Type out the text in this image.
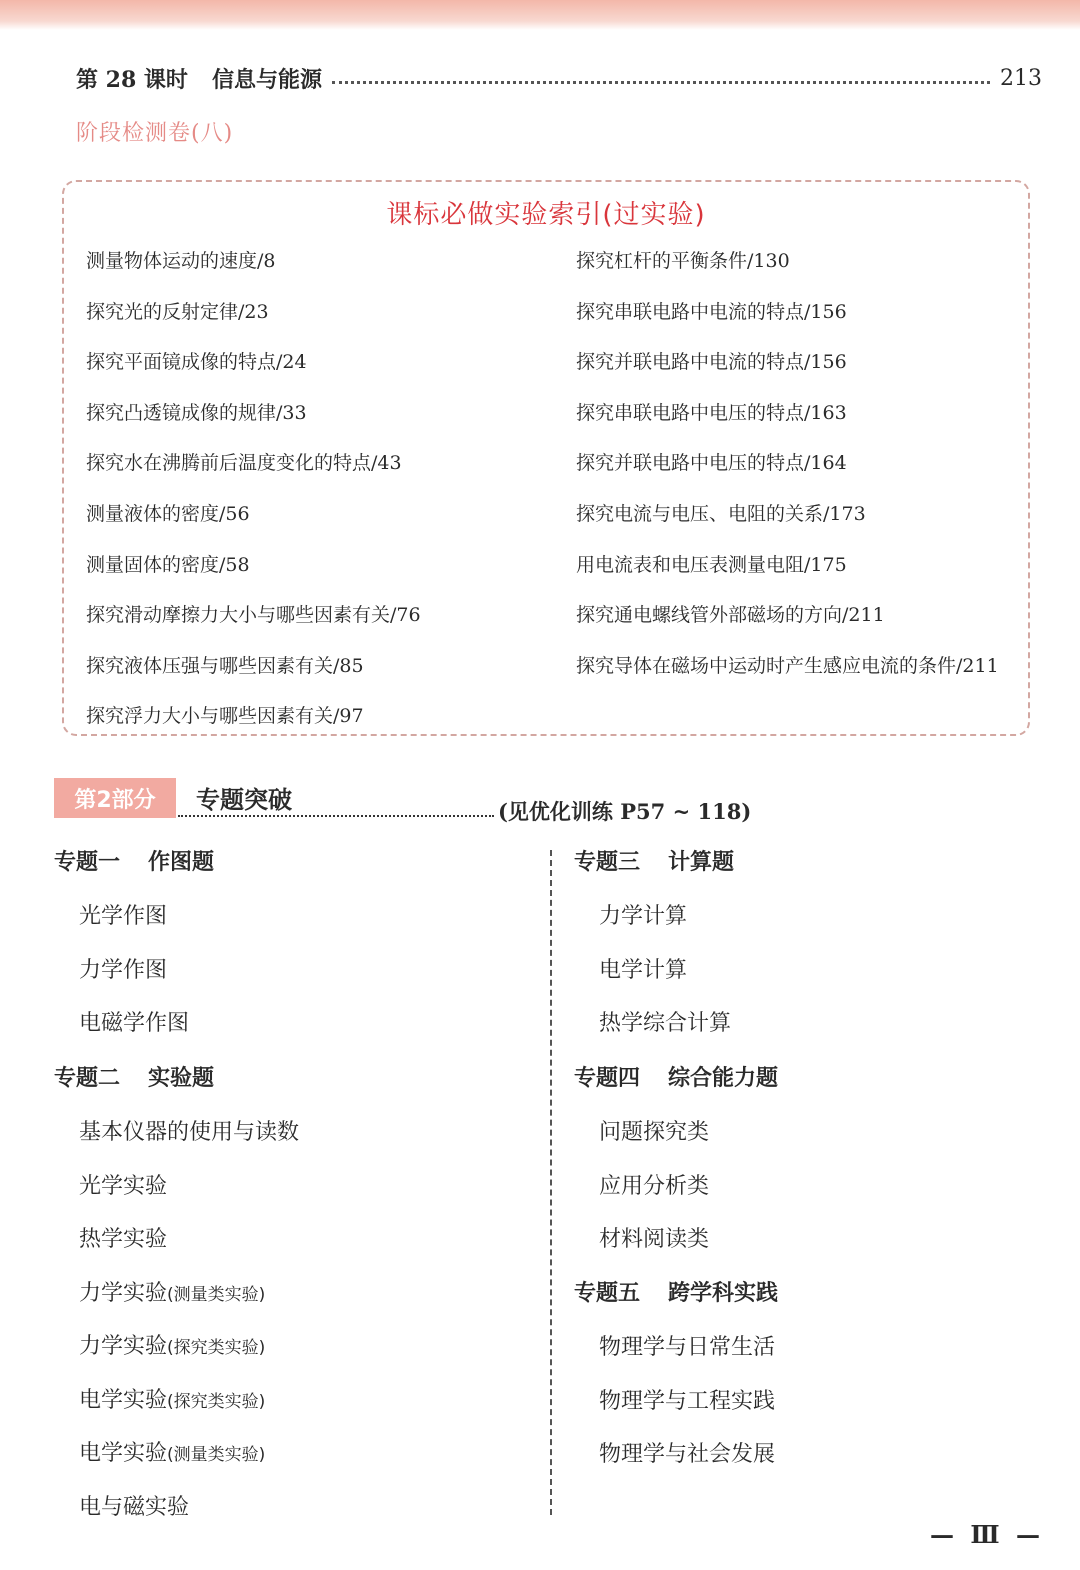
第 28 课时 信息与能源	213
阶段检测卷(八)
课标必做实验索引(过实验)
测量物体运动的速度/8
探究光的反射定律/23
探究平面镜成像的特点/24
探究凸透镜成像的规律/33
探究水在沸腾前后温度变化的特点/43
测量液体的密度/56
测量固体的密度/58
探究滑动摩擦力大小与哪些因素有关/76
探究液体压强与哪些因素有关/85
探究浮力大小与哪些因素有关/97
探究杠杆的平衡条件/130
探究串联电路中电流的特点/156
探究并联电路中电流的特点/156
探究串联电路中电压的特点/163
探究并联电路中电压的特点/164
探究电流与电压、电阻的关系/173
用电流表和电压表测量电阻/175
探究通电螺线管外部磁场的方向/211
探究导体在磁场中运动时产生感应电流的条件/211
第2部分	专题突破	(见优化训练 P57 ~ 118)
专题一 作图题
光学作图
力学作图
电磁学作图
专题二 实验题
基本仪器的使用与读数
光学实验
热学实验
力学实验(测量类实验)
力学实验(探究类实验)
电学实验(探究类实验)
电学实验(测量类实验)
电与磁实验
专题三 计算题
力学计算
电学计算
热学综合计算
专题四 综合能力题
问题探究类
应用分析类
材料阅读类
专题五 跨学科实践
物理学与日常生活
物理学与工程实践
物理学与社会发展
— Ⅲ —
